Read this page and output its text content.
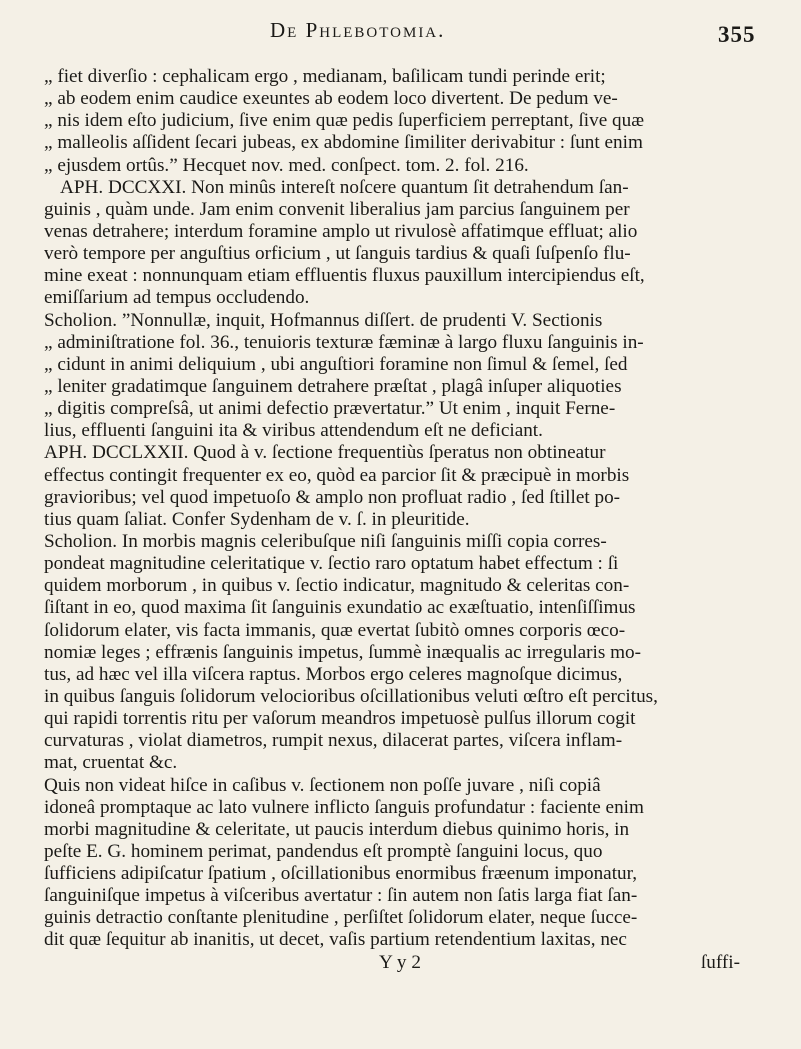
De Phlebotomia.	355
„ fiet diverſio : cephalicam ergo , medianam, baſilicam tundi perinde erit;
„ ab eodem enim caudice exeuntes ab eodem loco divertent. De pedum ve-
„ nis idem eſto judicium, ſive enim quæ pedis ſuperficiem perreptant, ſive quæ
„ malleolis aſſident ſecari jubeas, ex abdomine ſimiliter derivabitur : ſunt enim
„ ejusdem ortûs.” Hecquet nov. med. conſpect. tom. 2. fol. 216.
APH. DCCXXI. Non minûs intereſt noſcere quantum ſit detrahendum ſan-
guinis , quàm unde. Jam enim convenit liberalius jam parcius ſanguinem per
venas detrahere; interdum foramine amplo ut rivulosè affatimque effluat; alio
verò tempore per anguſtius orficium , ut ſanguis tardius & quaſi ſuſpenſo flu-
mine exeat : nonnunquam etiam effluentis fluxus pauxillum intercipiendus eſt,
emiſſarium ad tempus occludendo.
Scholion. ”Nonnullæ, inquit, Hofmannus diſſert. de prudenti V. Sectionis
„ adminiſtratione fol. 36., tenuioris texturæ fæminæ à largo fluxu ſanguinis in-
„ cidunt in animi deliquium , ubi anguſtiori foramine non ſimul & ſemel, ſed
„ leniter gradatimque ſanguinem detrahere præſtat , plagâ inſuper aliquoties
„ digitis compreſsâ, ut animi defectio prævertatur.” Ut enim , inquit Ferne-
lius, effluenti ſanguini ita & viribus attendendum eſt ne deficiant.
APH. DCCLXXII. Quod à v. ſectione frequentiùs ſperatus non obtineatur
effectus contingit frequenter ex eo, quòd ea parcior ſit & præcipuè in morbis
gravioribus; vel quod impetuoſo & amplo non profluat radio , ſed ſtillet po-
tius quam ſaliat. Confer Sydenham de v. ſ. in pleuritide.
Scholion. In morbis magnis celeribuſque niſi ſanguinis miſſi copia corres-
pondeat magnitudine celeritatique v. ſectio raro optatum habet effectum : ſi
quidem morborum , in quibus v. ſectio indicatur, magnitudo & celeritas con-
ſiſtant in eo, quod maxima ſit ſanguinis exundatio ac exæſtuatio, intenſiſſimus
ſolidorum elater, vis facta immanis, quæ evertat ſubitò omnes corporis œco-
nomiæ leges ; effrænis ſanguinis impetus, ſummè inæqualis ac irregularis mo-
tus, ad hæc vel illa viſcera raptus. Morbos ergo celeres magnoſque dicimus,
in quibus ſanguis ſolidorum velocioribus oſcillationibus veluti œſtro eſt percitus,
qui rapidi torrentis ritu per vaſorum meandros impetuosè pulſus illorum cogit
curvaturas , violat diametros, rumpit nexus, dilacerat partes, viſcera inflam-
mat, cruentat &c.
Quis non videat hiſce in caſibus v. ſectionem non poſſe juvare , niſi copiâ
idoneâ promptaque ac lato vulnere inflicto ſanguis profundatur : faciente enim
morbi magnitudine & celeritate, ut paucis interdum diebus quinimo horis, in
peſte E. G. hominem perimat, pandendus eſt promptè ſanguini locus, quo
ſufficiens adipiſcatur ſpatium , oſcillationibus enormibus fræenum imponatur,
ſanguiniſque impetus à viſceribus avertatur : ſin autem non ſatis larga fiat ſan-
guinis detractio conſtante plenitudine , perſiſtet ſolidorum elater, neque ſucce-
dit quæ ſequitur ab inanitis, ut decet, vaſis partium retendentium laxitas, nec
Y y 2	ſuffi-
